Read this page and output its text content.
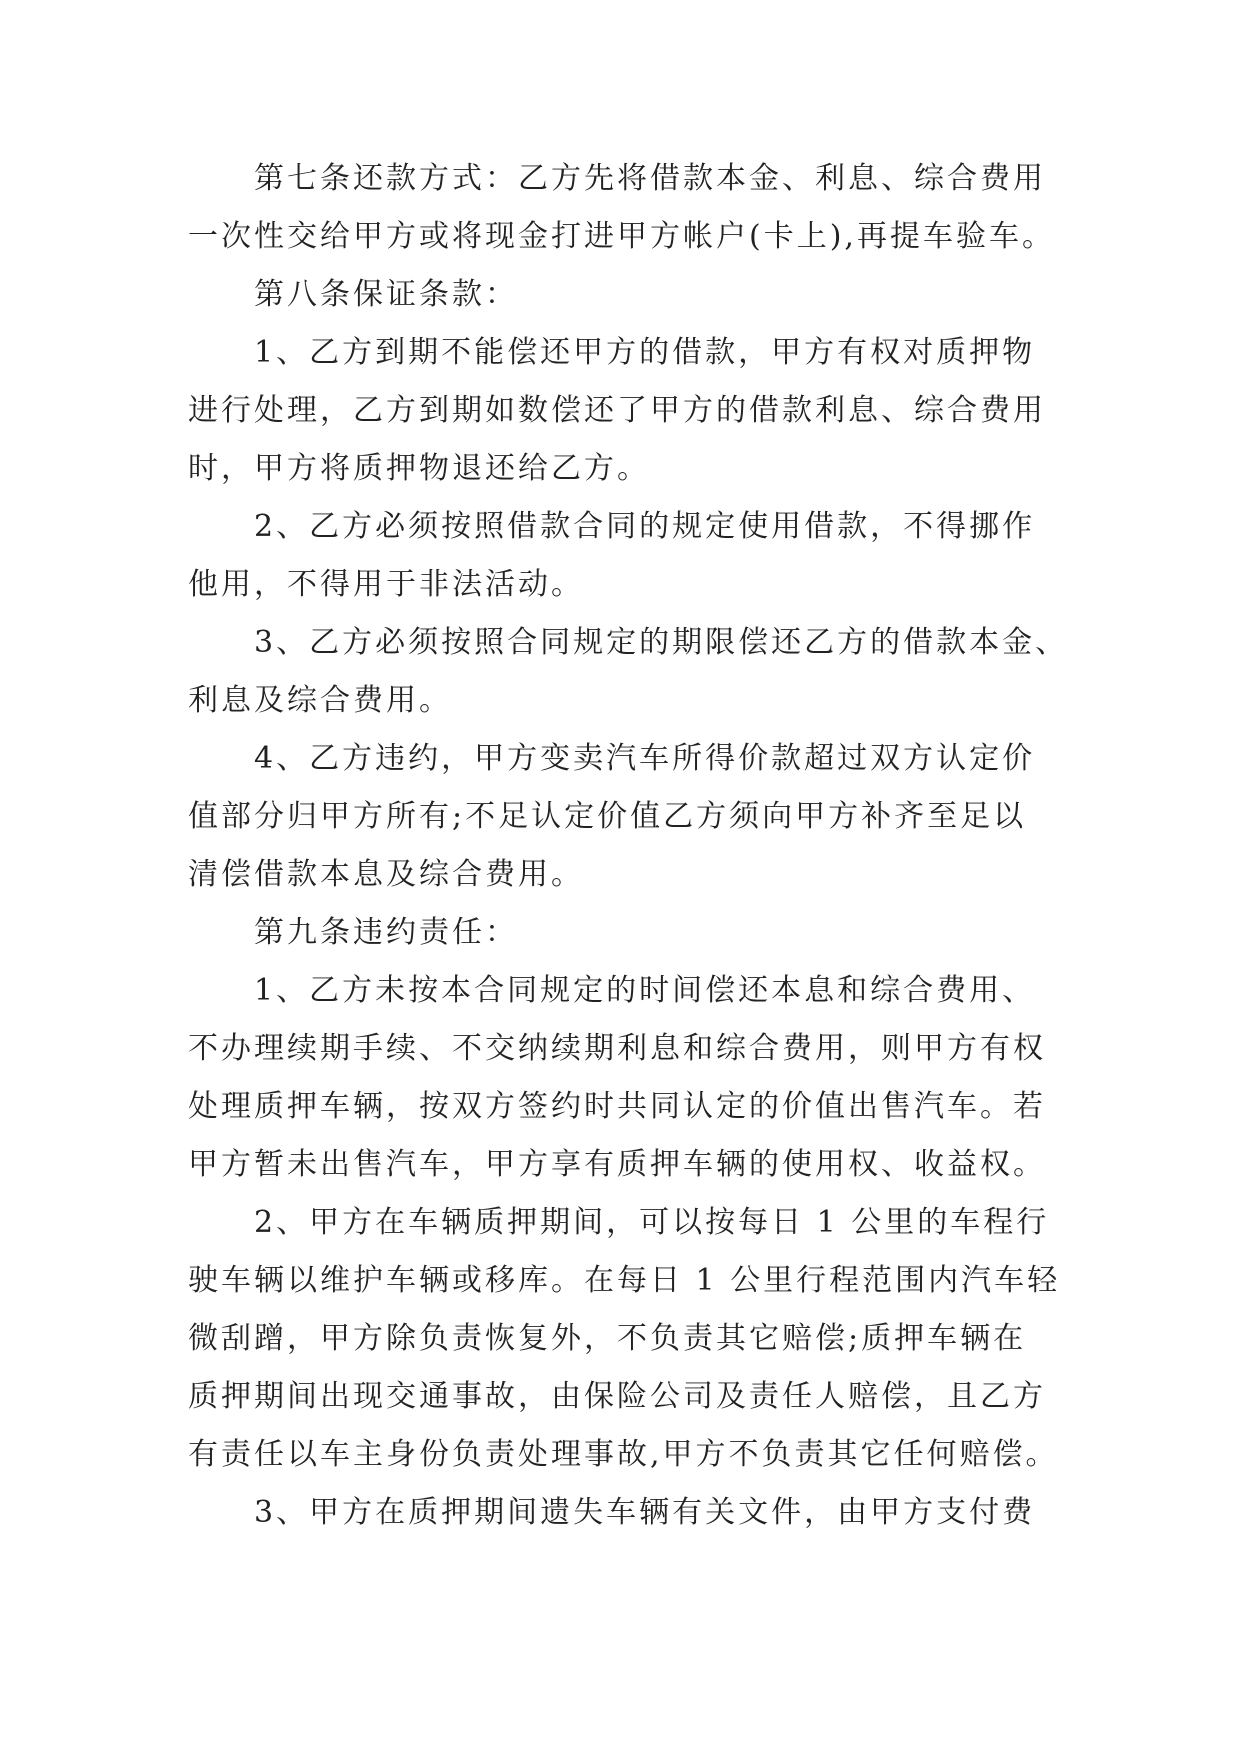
第七条还款方式：乙方先将借款本金、利息、综合费用
一次性交给甲方或将现金打进甲方帐户(卡上),再提车验车。
第八条保证条款：
1、乙方到期不能偿还甲方的借款，甲方有权对质押物
进行处理，乙方到期如数偿还了甲方的借款利息、综合费用
时，甲方将质押物退还给乙方。
2、乙方必须按照借款合同的规定使用借款，不得挪作
他用，不得用于非法活动。
3、乙方必须按照合同规定的期限偿还乙方的借款本金、
利息及综合费用。
4、乙方违约，甲方变卖汽车所得价款超过双方认定价
值部分归甲方所有;不足认定价值乙方须向甲方补齐至足以
清偿借款本息及综合费用。
第九条违约责任：
1、乙方未按本合同规定的时间偿还本息和综合费用、
不办理续期手续、不交纳续期利息和综合费用，则甲方有权
处理质押车辆，按双方签约时共同认定的价值出售汽车。若
甲方暂未出售汽车，甲方享有质押车辆的使用权、收益权。
2、甲方在车辆质押期间，可以按每日 1 公里的车程行
驶车辆以维护车辆或移库。在每日 1 公里行程范围内汽车轻
微刮蹭，甲方除负责恢复外，不负责其它赔偿;质押车辆在
质押期间出现交通事故，由保险公司及责任人赔偿，且乙方
有责任以车主身份负责处理事故,甲方不负责其它任何赔偿。
3、甲方在质押期间遗失车辆有关文件，由甲方支付费
